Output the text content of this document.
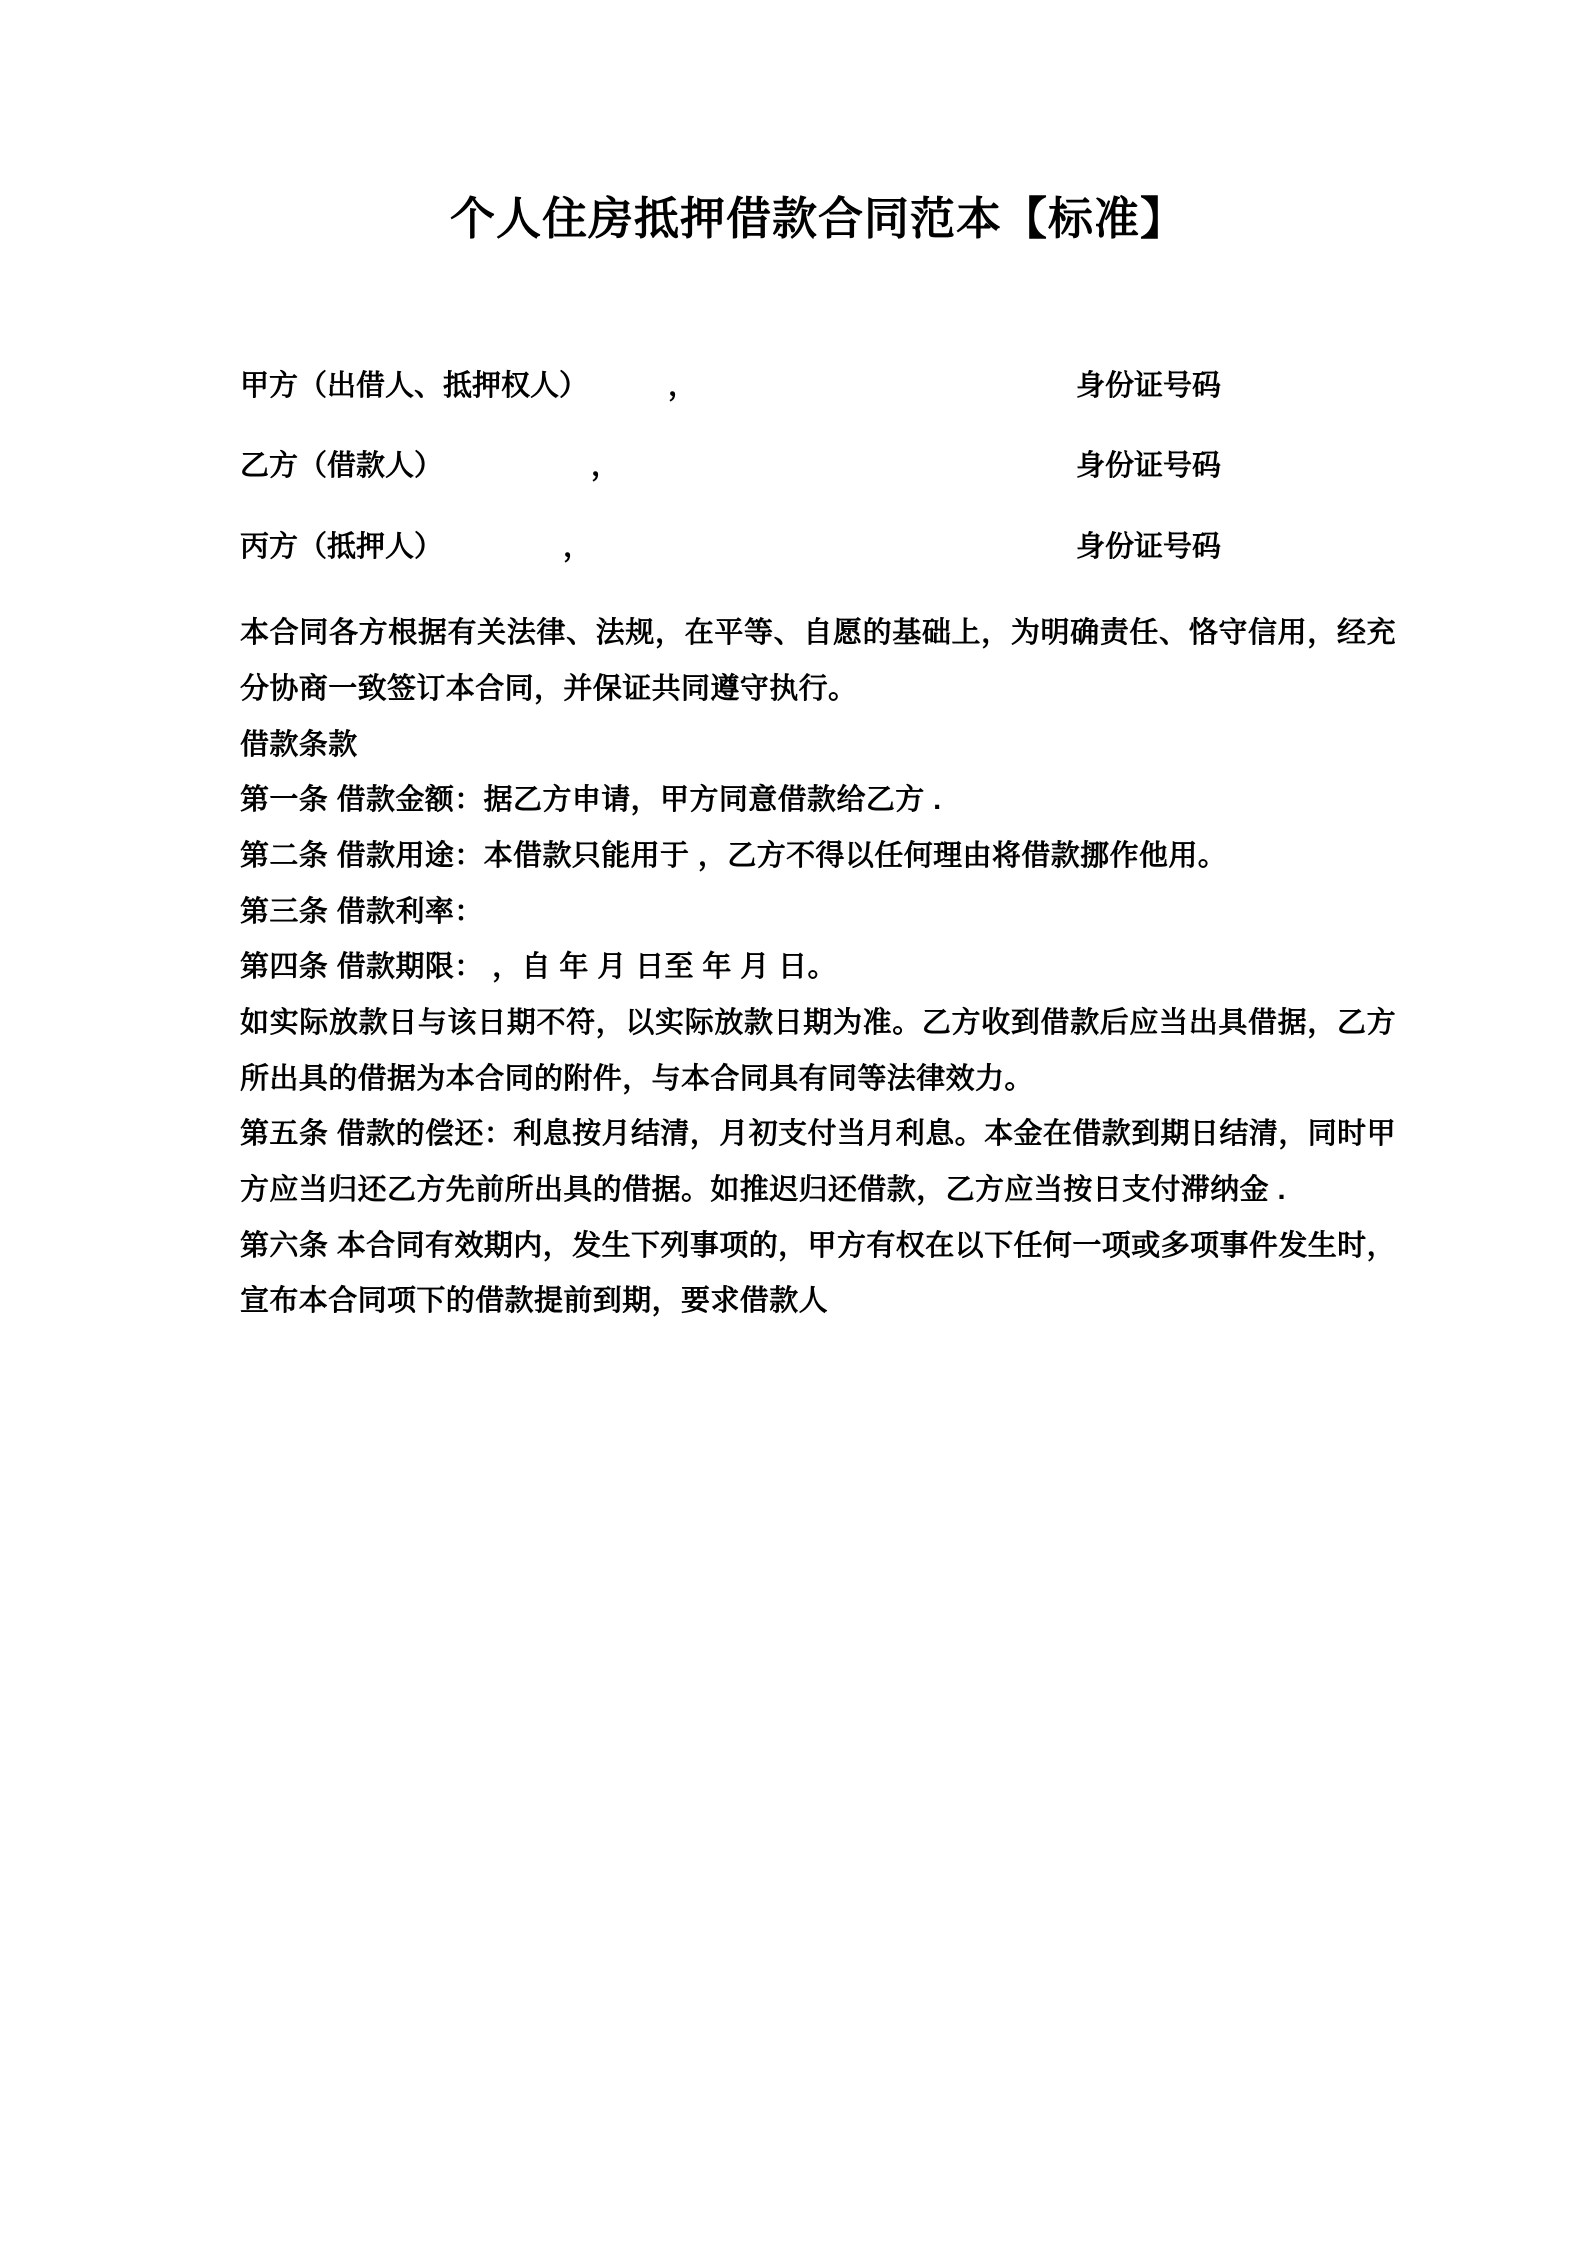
个人住房抵押借款合同范本【标准】
甲方（出借人、抵押权人）	，	身份证号码
乙方（借款人）	，	身份证号码
丙方（抵押人）	，	身份证号码

本合同各方根据有关法律、法规，在平等、自愿的基础上，为明确责任、恪守信用，经充分协商一致签订本合同，并保证共同遵守执行。

借款条款

第一条 借款金额：据乙方申请，甲方同意借款给乙方 .

第二条 借款用途：本借款只能用于 ，乙方不得以任何理由将借款挪作他用。

第三条 借款利率：

第四条 借款期限： ，自 年 月 日至 年 月 日。

如实际放款日与该日期不符，以实际放款日期为准。乙方收到借款后应当出具借据，乙方所出具的借据为本合同的附件，与本合同具有同等法律效力。

第五条 借款的偿还：利息按月结清，月初支付当月利息。本金在借款到期日结清，同时甲方应当归还乙方先前所出具的借据。如推迟归还借款，乙方应当按日支付滞纳金 .

第六条 本合同有效期内，发生下列事项的，甲方有权在以下任何一项或多项事件发生时，宣布本合同项下的借款提前到期，要求借款人
